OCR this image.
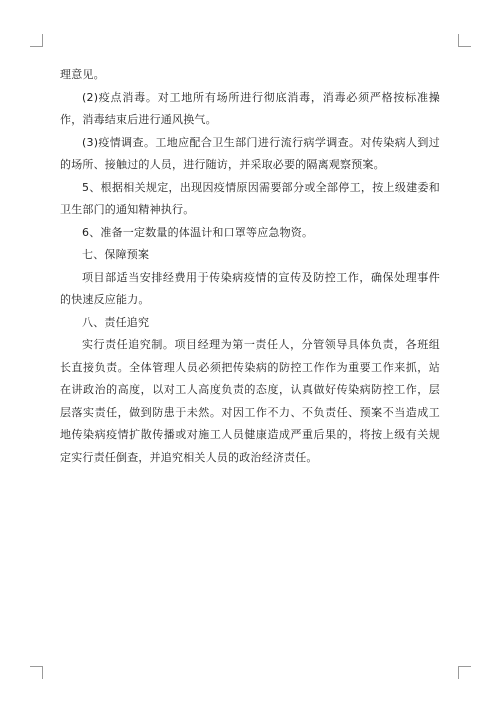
理意见。

(2)疫点消毒。对工地所有场所进行彻底消毒，消毒必须严格按标准操作，消毒结束后进行通风换气。

(3)疫情调查。工地应配合卫生部门进行流行病学调查。对传染病人到过的场所、接触过的人员，进行随访，并采取必要的隔离观察预案。

5、根据相关规定，出现因疫情原因需要部分或全部停工，按上级建委和卫生部门的通知精神执行。

6、准备一定数量的体温计和口罩等应急物资。

七、保障预案

项目部适当安排经费用于传染病疫情的宣传及防控工作，确保处理事件的快速反应能力。

八、责任追究

实行责任追究制。项目经理为第一责任人，分管领导具体负责，各班组长直接负责。全体管理人员必须把传染病的防控工作作为重要工作来抓，站在讲政治的高度，以对工人高度负责的态度，认真做好传染病防控工作，层层落实责任，做到防患于未然。对因工作不力、不负责任、预案不当造成工地传染病疫情扩散传播或对施工人员健康造成严重后果的，将按上级有关规定实行责任倒查，并追究相关人员的政治经济责任。
